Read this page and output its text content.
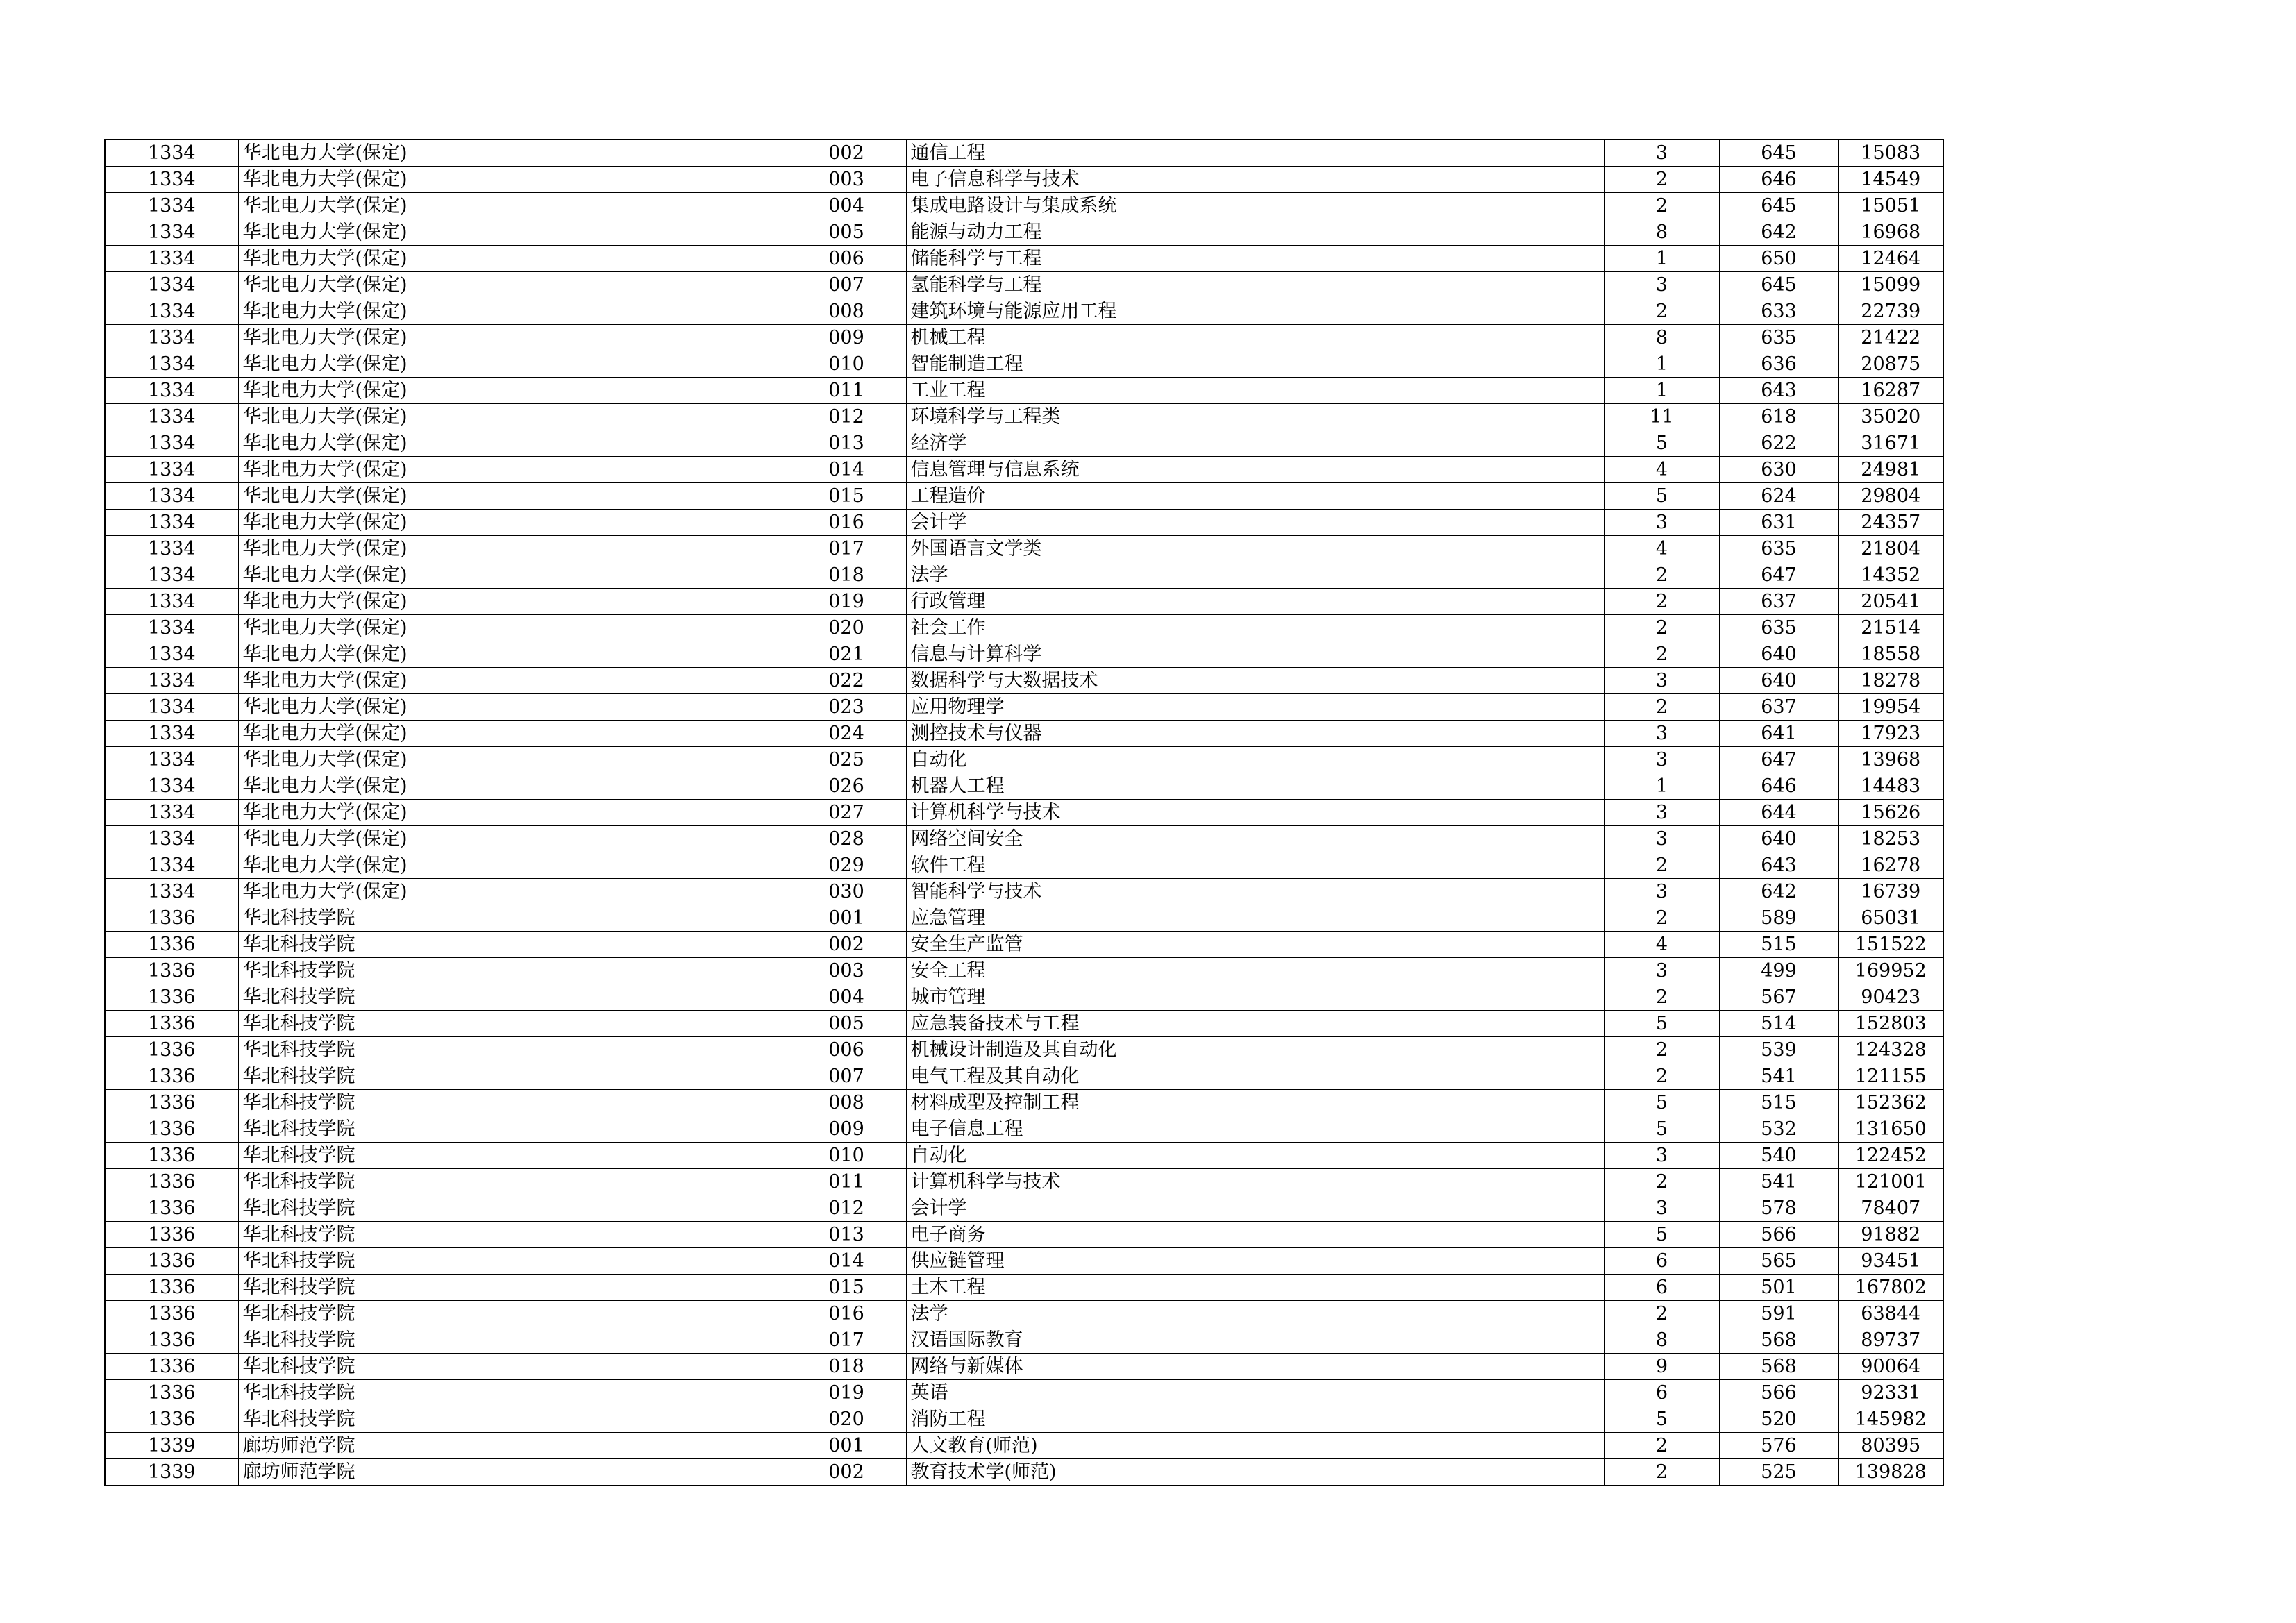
1334	华北电力大学(保定)	002	通信工程	3	645	15083
1334	华北电力大学(保定)	003	电子信息科学与技术	2	646	14549
1334	华北电力大学(保定)	004	集成电路设计与集成系统	2	645	15051
1334	华北电力大学(保定)	005	能源与动力工程	8	642	16968
1334	华北电力大学(保定)	006	储能科学与工程	1	650	12464
1334	华北电力大学(保定)	007	氢能科学与工程	3	645	15099
1334	华北电力大学(保定)	008	建筑环境与能源应用工程	2	633	22739
1334	华北电力大学(保定)	009	机械工程	8	635	21422
1334	华北电力大学(保定)	010	智能制造工程	1	636	20875
1334	华北电力大学(保定)	011	工业工程	1	643	16287
1334	华北电力大学(保定)	012	环境科学与工程类	11	618	35020
1334	华北电力大学(保定)	013	经济学	5	622	31671
1334	华北电力大学(保定)	014	信息管理与信息系统	4	630	24981
1334	华北电力大学(保定)	015	工程造价	5	624	29804
1334	华北电力大学(保定)	016	会计学	3	631	24357
1334	华北电力大学(保定)	017	外国语言文学类	4	635	21804
1334	华北电力大学(保定)	018	法学	2	647	14352
1334	华北电力大学(保定)	019	行政管理	2	637	20541
1334	华北电力大学(保定)	020	社会工作	2	635	21514
1334	华北电力大学(保定)	021	信息与计算科学	2	640	18558
1334	华北电力大学(保定)	022	数据科学与大数据技术	3	640	18278
1334	华北电力大学(保定)	023	应用物理学	2	637	19954
1334	华北电力大学(保定)	024	测控技术与仪器	3	641	17923
1334	华北电力大学(保定)	025	自动化	3	647	13968
1334	华北电力大学(保定)	026	机器人工程	1	646	14483
1334	华北电力大学(保定)	027	计算机科学与技术	3	644	15626
1334	华北电力大学(保定)	028	网络空间安全	3	640	18253
1334	华北电力大学(保定)	029	软件工程	2	643	16278
1334	华北电力大学(保定)	030	智能科学与技术	3	642	16739
1336	华北科技学院	001	应急管理	2	589	65031
1336	华北科技学院	002	安全生产监管	4	515	151522
1336	华北科技学院	003	安全工程	3	499	169952
1336	华北科技学院	004	城市管理	2	567	90423
1336	华北科技学院	005	应急装备技术与工程	5	514	152803
1336	华北科技学院	006	机械设计制造及其自动化	2	539	124328
1336	华北科技学院	007	电气工程及其自动化	2	541	121155
1336	华北科技学院	008	材料成型及控制工程	5	515	152362
1336	华北科技学院	009	电子信息工程	5	532	131650
1336	华北科技学院	010	自动化	3	540	122452
1336	华北科技学院	011	计算机科学与技术	2	541	121001
1336	华北科技学院	012	会计学	3	578	78407
1336	华北科技学院	013	电子商务	5	566	91882
1336	华北科技学院	014	供应链管理	6	565	93451
1336	华北科技学院	015	土木工程	6	501	167802
1336	华北科技学院	016	法学	2	591	63844
1336	华北科技学院	017	汉语国际教育	8	568	89737
1336	华北科技学院	018	网络与新媒体	9	568	90064
1336	华北科技学院	019	英语	6	566	92331
1336	华北科技学院	020	消防工程	5	520	145982
1339	廊坊师范学院	001	人文教育(师范)	2	576	80395
1339	廊坊师范学院	002	教育技术学(师范)	2	525	139828
